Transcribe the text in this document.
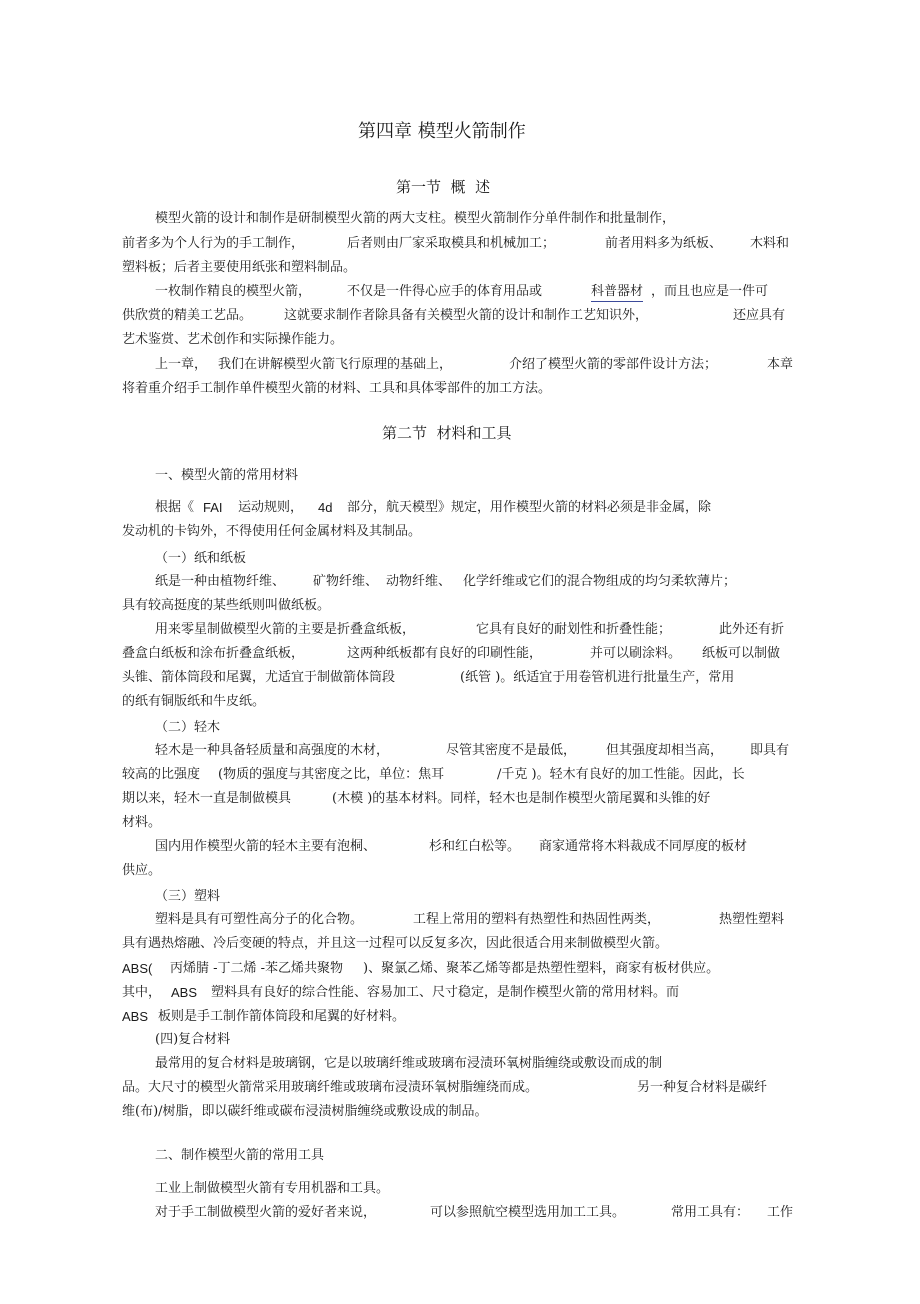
第四章 模型火箭制作
第一节  概  述
模型火箭的设计和制作是研制模型火箭的两大支柱。模型火箭制作分单件制作和批量制作，
前者多为个人行为的手工制作，	后者则由厂家采取模具和机械加工；	前者用料多为纸板、 木料和
塑料板；后者主要使用纸张和塑料制品。
一枚制作精良的模型火箭，	不仅是一件得心应手的体育用品或	科普器材 ，而且也应是一件可
供欣赏的精美工艺品。 这就要求制作者除具备有关模型火箭的设计和制作工艺知识外，	还应具有
艺术鉴赏、艺术创作和实际操作能力。
上一章， 我们在讲解模型火箭飞行原理的基础上，	介绍了模型火箭的零部件设计方法；	本章
将着重介绍手工制作单件模型火箭的材料、工具和具体零部件的加工方法。
第二节  材料和工具
一、模型火箭的常用材料
根据《 FAI 运动规则， 4d 部分，航天模型》规定，用作模型火箭的材料必须是非金属，除
发动机的卡钩外，不得使用任何金属材料及其制品。
（一）纸和纸板
纸是一种由植物纤维、 矿物纤维、 动物纤维、 化学纤维或它们的混合物组成的均匀柔软薄片；
具有较高挺度的某些纸则叫做纸板。
用来零星制做模型火箭的主要是折叠盒纸板，	它具有良好的耐划性和折叠性能；	此外还有折
叠盒白纸板和涂布折叠盒纸板，	这两种纸板都有良好的印刷性能，	并可以刷涂料。 纸板可以制做
头锥、箭体筒段和尾翼，尤适宜于制做箭体筒段	(纸管 )。纸适宜于用卷管机进行批量生产，常用
的纸有铜版纸和牛皮纸。
（二）轻木
轻木是一种具备轻质量和高强度的木材，	尽管其密度不是最低， 但其强度却相当高， 即具有
较高的比强度 (物质的强度与其密度之比，单位：焦耳	/千克 )。轻木有良好的加工性能。因此，长
期以来，轻木一直是制做模具	(木模 )的基本材料。同样，轻木也是制作模型火箭尾翼和头锥的好
材料。
国内用作模型火箭的轻木主要有泡桐、	杉和红白松等。 商家通常将木料裁成不同厚度的板材
供应。
（三）塑料
塑料是具有可塑性高分子的化合物。	工程上常用的塑料有热塑性和热固性两类，	热塑性塑料
具有遇热熔融、冷后变硬的特点，并且这一过程可以反复多次，因此很适合用来制做模型火箭。
ABS( 丙烯腈 -丁二烯 -苯乙烯共聚物 )、聚氯乙烯、聚苯乙烯等都是热塑性塑料，商家有板材供应。
其中， ABS 塑料具有良好的综合性能、容易加工、尺寸稳定，是制作模型火箭的常用材料。而
ABS 板则是手工制作箭体筒段和尾翼的好材料。
(四)复合材料
最常用的复合材料是玻璃钢，它是以玻璃纤维或玻璃布浸渍环氧树脂缠绕或敷设而成的制
品。大尺寸的模型火箭常采用玻璃纤维或玻璃布浸渍环氧树脂缠绕而成。	另一种复合材料是碳纤
维(布)/树脂，即以碳纤维或碳布浸渍树脂缠绕或敷设成的制品。
二、制作模型火箭的常用工具
工业上制做模型火箭有专用机器和工具。
对于手工制做模型火箭的爱好者来说，	可以参照航空模型选用加工工具。	常用工具有： 工作
